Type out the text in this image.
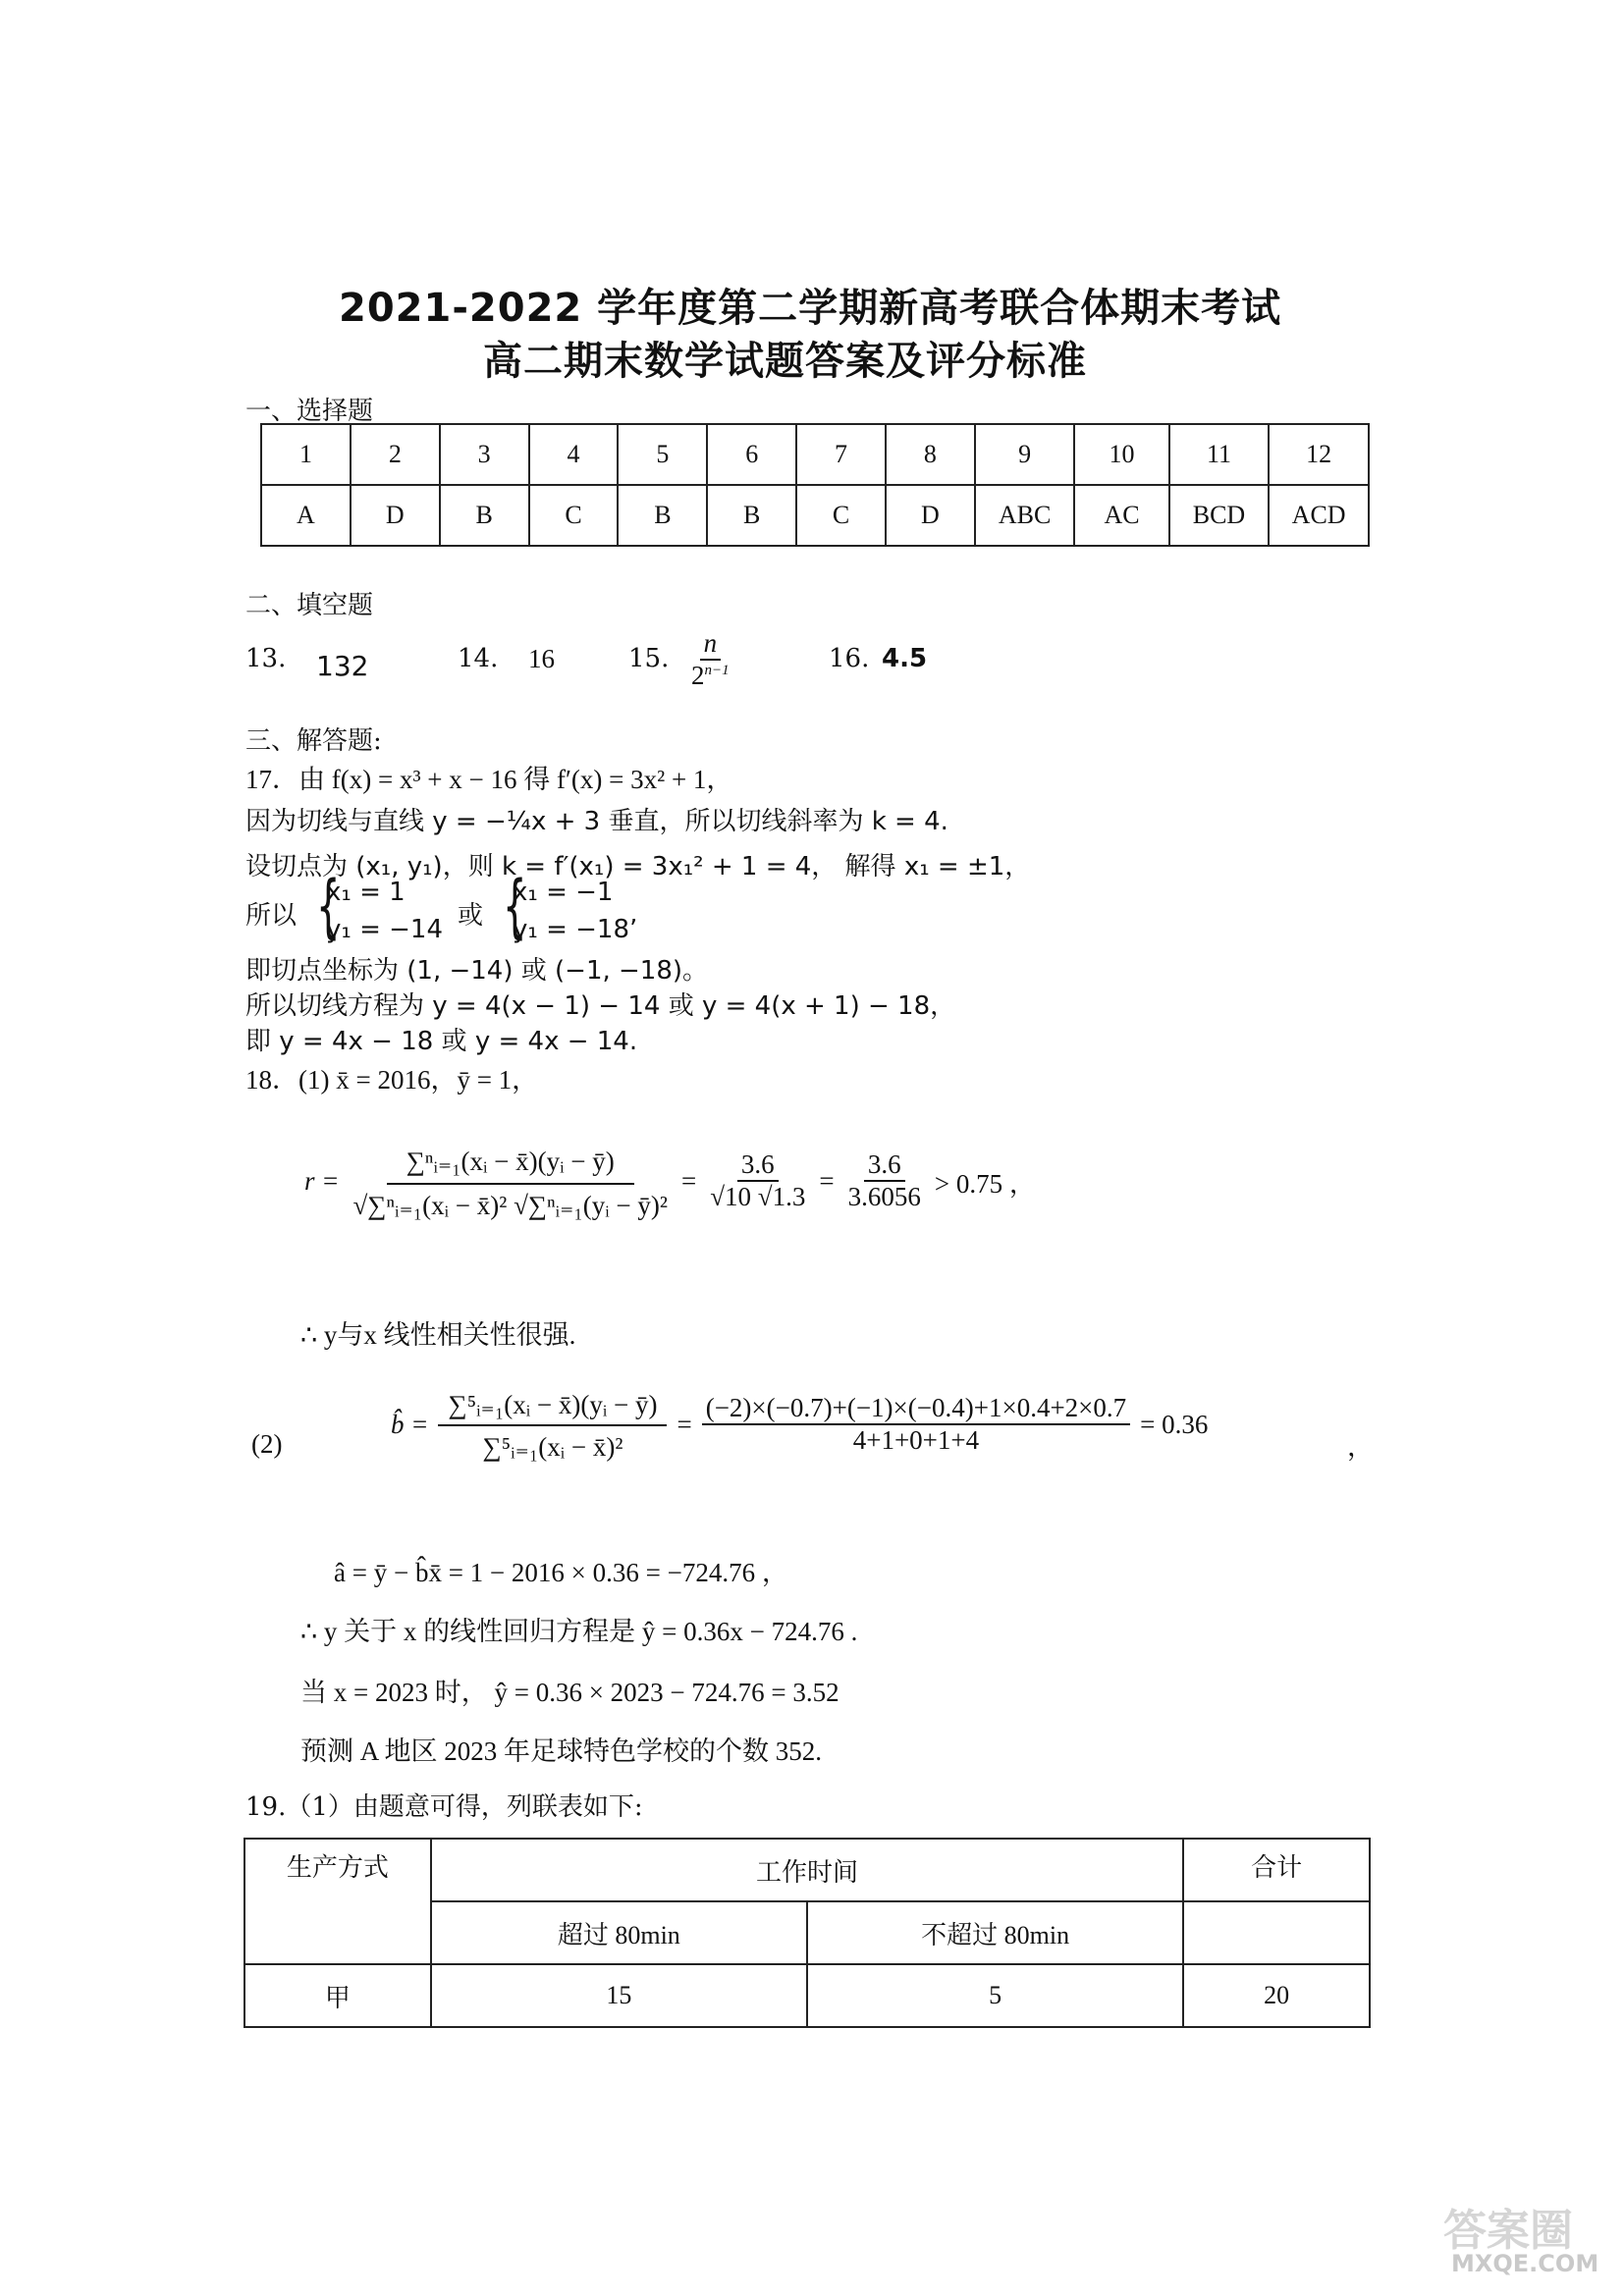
2021-2022 学年度第二学期新高考联合体期末考试
高二期末数学试题答案及评分标准
一、选择题
1	2	3	4	5	6	7	8	9	10	11	12
A	D	B	C	B	B	C	D	ABC	AC	BCD	ACD
二、填空题
13. 132	14. 16	15. $\frac{n}{2^{n-1}}$	16. 4.5
三、解答题:
17．由 f(x) = x³ + x − 16 得 f′(x) = 3x² + 1，
因为切线与直线 y = −¼x + 3 垂直，所以切线斜率为 k = 4.
设切点为 (x₁, y₁)，则 k = f′(x₁) = 3x₁² + 1 = 4， 解得 x₁ = ±1，
所以 {
x₁ = 1
y₁ = −14 或 {
x₁ = −1
y₁ = −18’
即切点坐标为 (1, −14) 或 (−1, −18)。
所以切线方程为 y = 4(x − 1) − 14 或 y = 4(x + 1) − 18，
即 y = 4x − 18 或 y = 4x − 14.
18．(1) x̄ = 2016，ȳ = 1，
$r = \frac{\text{∑ⁿᵢ₌₁(xᵢ − x̄)(yᵢ − ȳ)}}{\text{√∑ⁿᵢ₌₁(xᵢ − x̄)² √∑ⁿᵢ₌₁(yᵢ − ȳ)²}} = \frac{3.6}{√10 √1.3} = \frac{3.6}{3.6056} > 0.75$ ，
∴ y与x 线性相关性很强.
(2)
b̂ = $\frac{\text{∑⁵ᵢ₌₁(xᵢ − x̄)(yᵢ − ȳ)}}{\text{∑⁵ᵢ₌₁(xᵢ − x̄)²}} = \frac{(-2)\times(-0.7)+(-1)\times(-0.4)+1\times 0.4+2\times 0.7}{4+1+0+1+4} = 0.36$
，
â = ȳ − b̂x̄ = 1 − 2016 × 0.36 = −724.76 ，
∴ y 关于 x 的线性回归方程是 ŷ = 0.36x − 724.76 .
当 x = 2023 时， ŷ = 0.36 × 2023 − 724.76 = 3.52
预测 A 地区 2023 年足球特色学校的个数 352.
19.（1）由题意可得，列联表如下:
生产方式	工作时间		合计
	超过 80min	不超过 80min	
甲	15	5	20
答案圈
MXQE.COM
